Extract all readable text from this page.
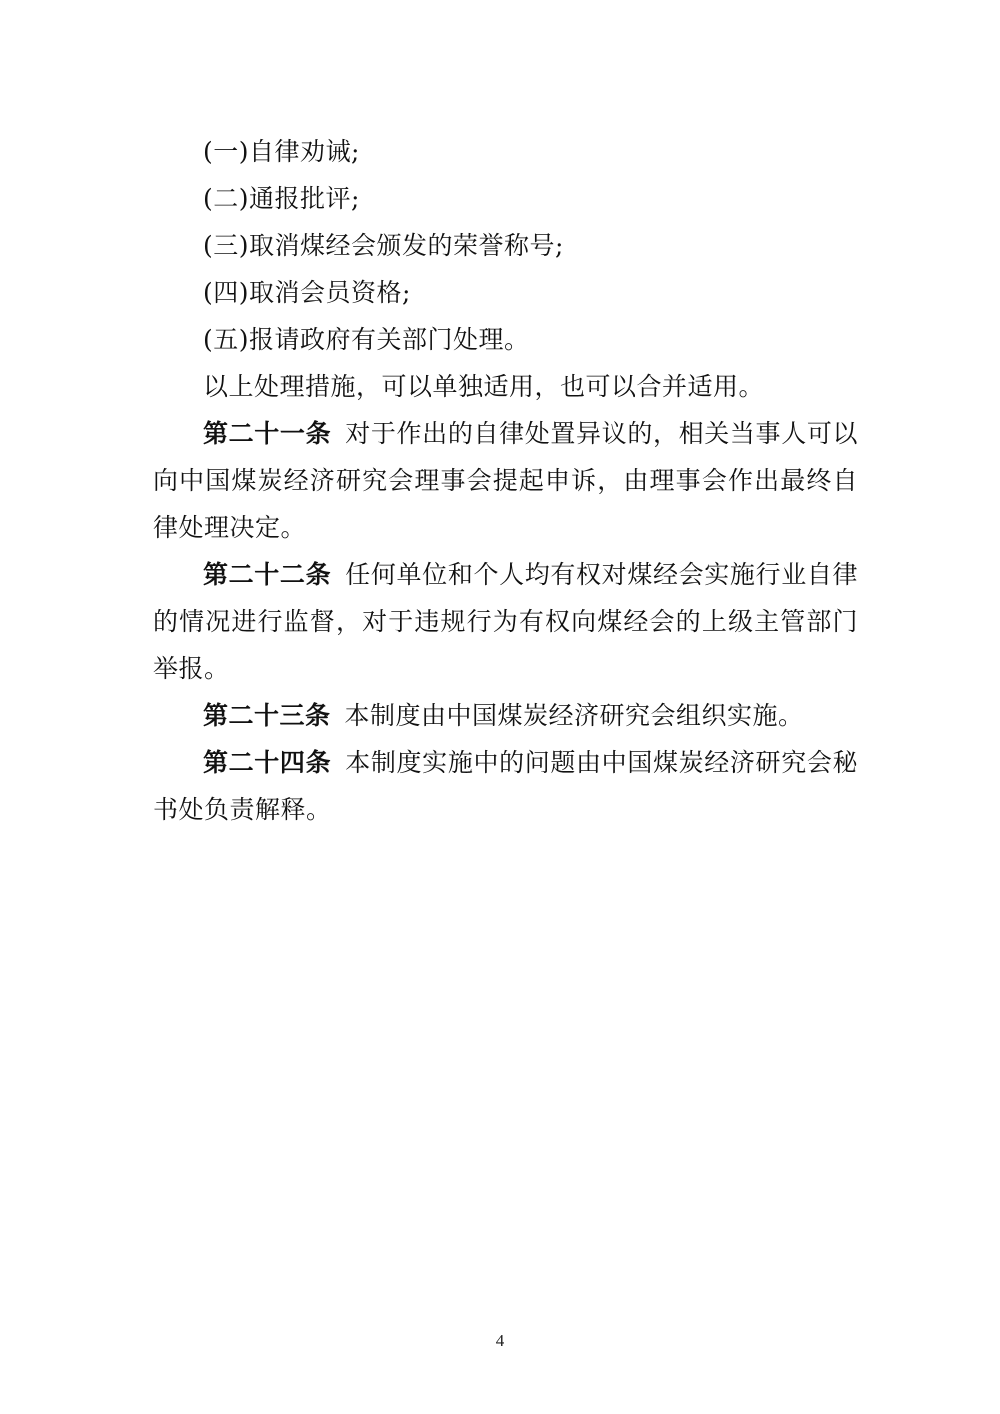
(一)自律劝诫;
(二)通报批评;
(三)取消煤经会颁发的荣誉称号;
(四)取消会员资格;
(五)报请政府有关部门处理。
以上处理措施，可以单独适用，也可以合并适用。
第二十一条 对于作出的自律处置异议的，相关当事人可以向中国煤炭经济研究会理事会提起申诉，由理事会作出最终自律处理决定。
第二十二条 任何单位和个人均有权对煤经会实施行业自律的情况进行监督，对于违规行为有权向煤经会的上级主管部门举报。
第二十三条 本制度由中国煤炭经济研究会组织实施。
第二十四条 本制度实施中的问题由中国煤炭经济研究会秘书处负责解释。
4
